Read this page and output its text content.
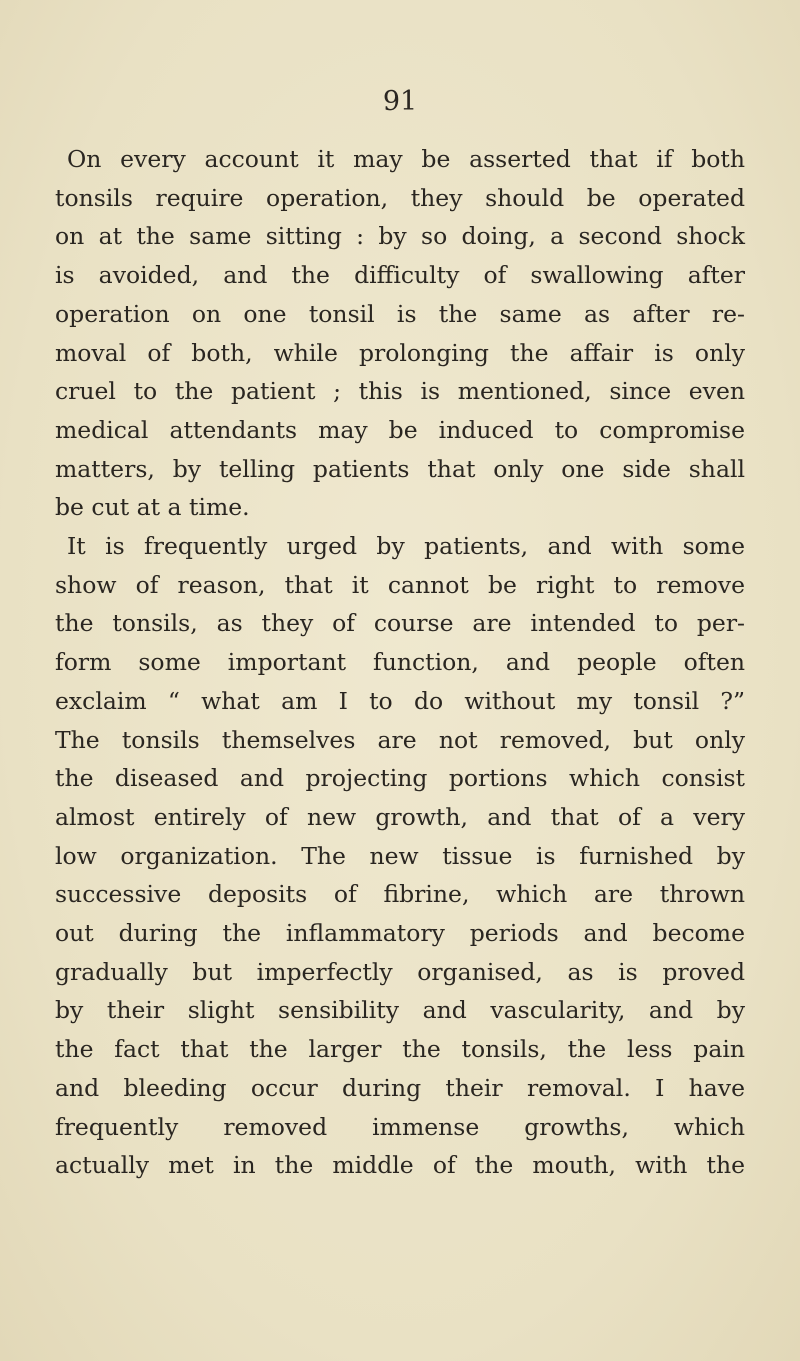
91

On every account it may be asserted that if both
tonsils require operation, they should be operated
on at the same sitting : by so doing, a second shock
is avoided, and the difficulty of swallowing after
operation on one tonsil is the same as after re-
moval of both, while prolonging the affair is only
cruel to the patient ; this is mentioned, since even
medical attendants may be induced to compromise
matters, by telling patients that only one side shall
be cut at a time.
It is frequently urged by patients, and with some
show of reason, that it cannot be right to remove
the tonsils, as they of course are intended to per-
form some important function, and people often
exclaim “ what am I to do without my tonsil ?”
The tonsils themselves are not removed, but only
the diseased and projecting portions which consist
almost entirely of new growth, and that of a very
low organization. The new tissue is furnished by
successive deposits of fibrine, which are thrown
out during the inflammatory periods and become
gradually but imperfectly organised, as is proved
by their slight sensibility and vascularity, and by
the fact that the larger the tonsils, the less pain
and bleeding occur during their removal. I have
frequently removed immense growths, which
actually met in the middle of the mouth, with the
